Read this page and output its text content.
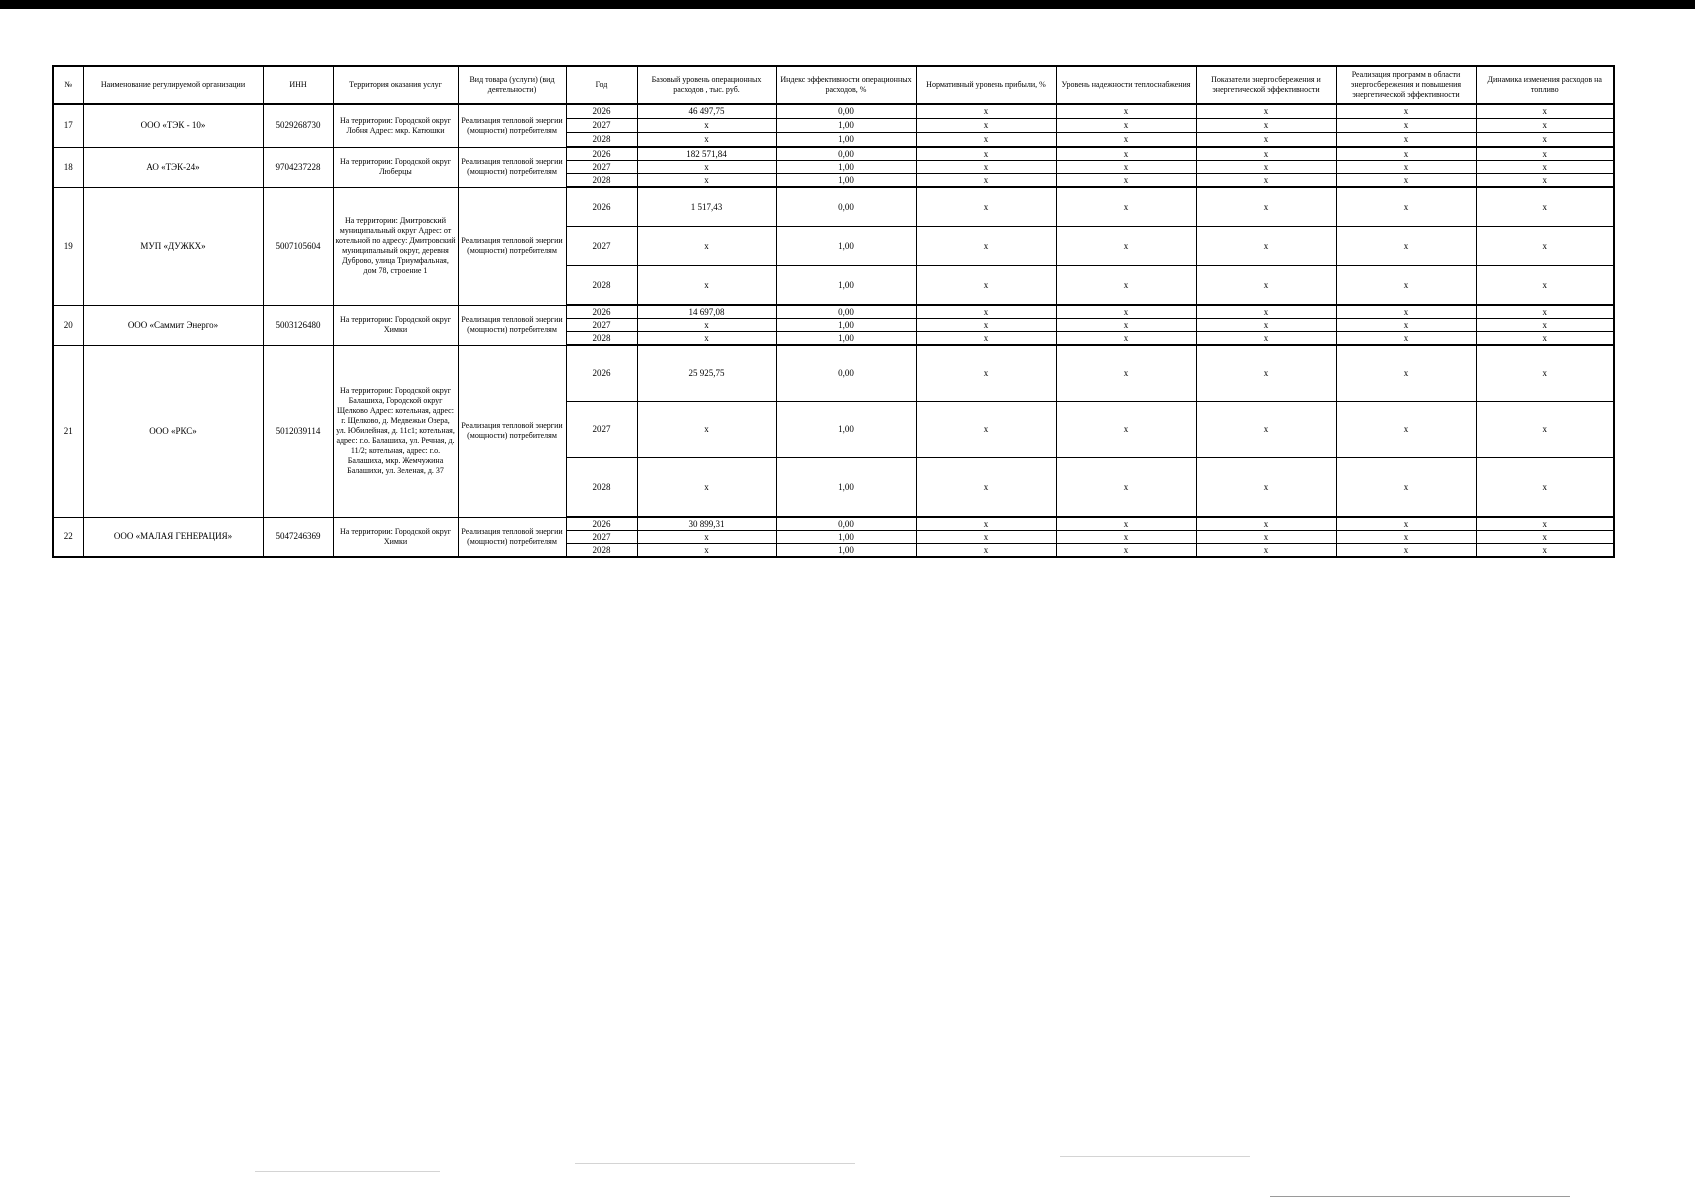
№	Наименование регулируемой организации	ИНН	Территория оказания услуг	Вид товара (услуги) (вид деятельности)	Год	Базовый уровень операционных расходов , тыс. руб.	Индекс эффективности операционных расходов, %	Нормативный уровень прибыли, %	Уровень надежности теплоснабжения	Показатели энергосбережения и энергетической эффективности	Реализация программ в области энергосбережения и повышения энергетической эффективности	Динамика изменения расходов на топливо
17	ООО «ТЭК - 10»	5029268730	На территории: Городской округ Лобня Адрес: мкр. Катюшки	Реализация тепловой энергии (мощности) потребителям	2026	46 497,75	0,00	x	x	x	x	x
					2027	x	1,00	x	x	x	x	x
					2028	x	1,00	x	x	x	x	x
18	АО «ТЭК-24»	9704237228	На территории: Городской округ Люберцы	Реализация тепловой энергии (мощности) потребителям	2026	182 571,84	0,00	x	x	x	x	x
					2027	x	1,00	x	x	x	x	x
					2028	x	1,00	x	x	x	x	x
19	МУП «ДУЖКХ»	5007105604	На территории: Дмитровский муниципальный округ Адрес: от котельной по адресу: Дмитровский муниципальный округ, деревня Дуброво, улица Триумфальная, дом 78, строение 1	Реализация тепловой энергии (мощности) потребителям	2026	1 517,43	0,00	x	x	x	x	x
					2027	x	1,00	x	x	x	x	x
					2028	x	1,00	x	x	x	x	x
20	ООО «Саммит Энерго»	5003126480	На территории: Городской округ Химки	Реализация тепловой энергии (мощности) потребителям	2026	14 697,08	0,00	x	x	x	x	x
					2027	x	1,00	x	x	x	x	x
					2028	x	1,00	x	x	x	x	x
21	ООО «РКС»	5012039114	На территории: Городской округ Балашиха, Городской округ Щелково Адрес: котельная, адрес: г. Щелково, д. Медвежьи Озера, ул. Юбилейная, д. 11с1; котельная, адрес: г.о. Балашиха, ул. Речная, д. 11/2; котельная, адрес: г.о. Балашиха, мкр. Жемчужина Балашихи, ул. Зеленая, д. 37	Реализация тепловой энергии (мощности) потребителям	2026	25 925,75	0,00	x	x	x	x	x
					2027	x	1,00	x	x	x	x	x
					2028	x	1,00	x	x	x	x	x
22	ООО «МАЛАЯ ГЕНЕРАЦИЯ»	5047246369	На территории: Городской округ Химки	Реализация тепловой энергии (мощности) потребителям	2026	30 899,31	0,00	x	x	x	x	x
					2027	x	1,00	x	x	x	x	x
					2028	x	1,00	x	x	x	x	x
